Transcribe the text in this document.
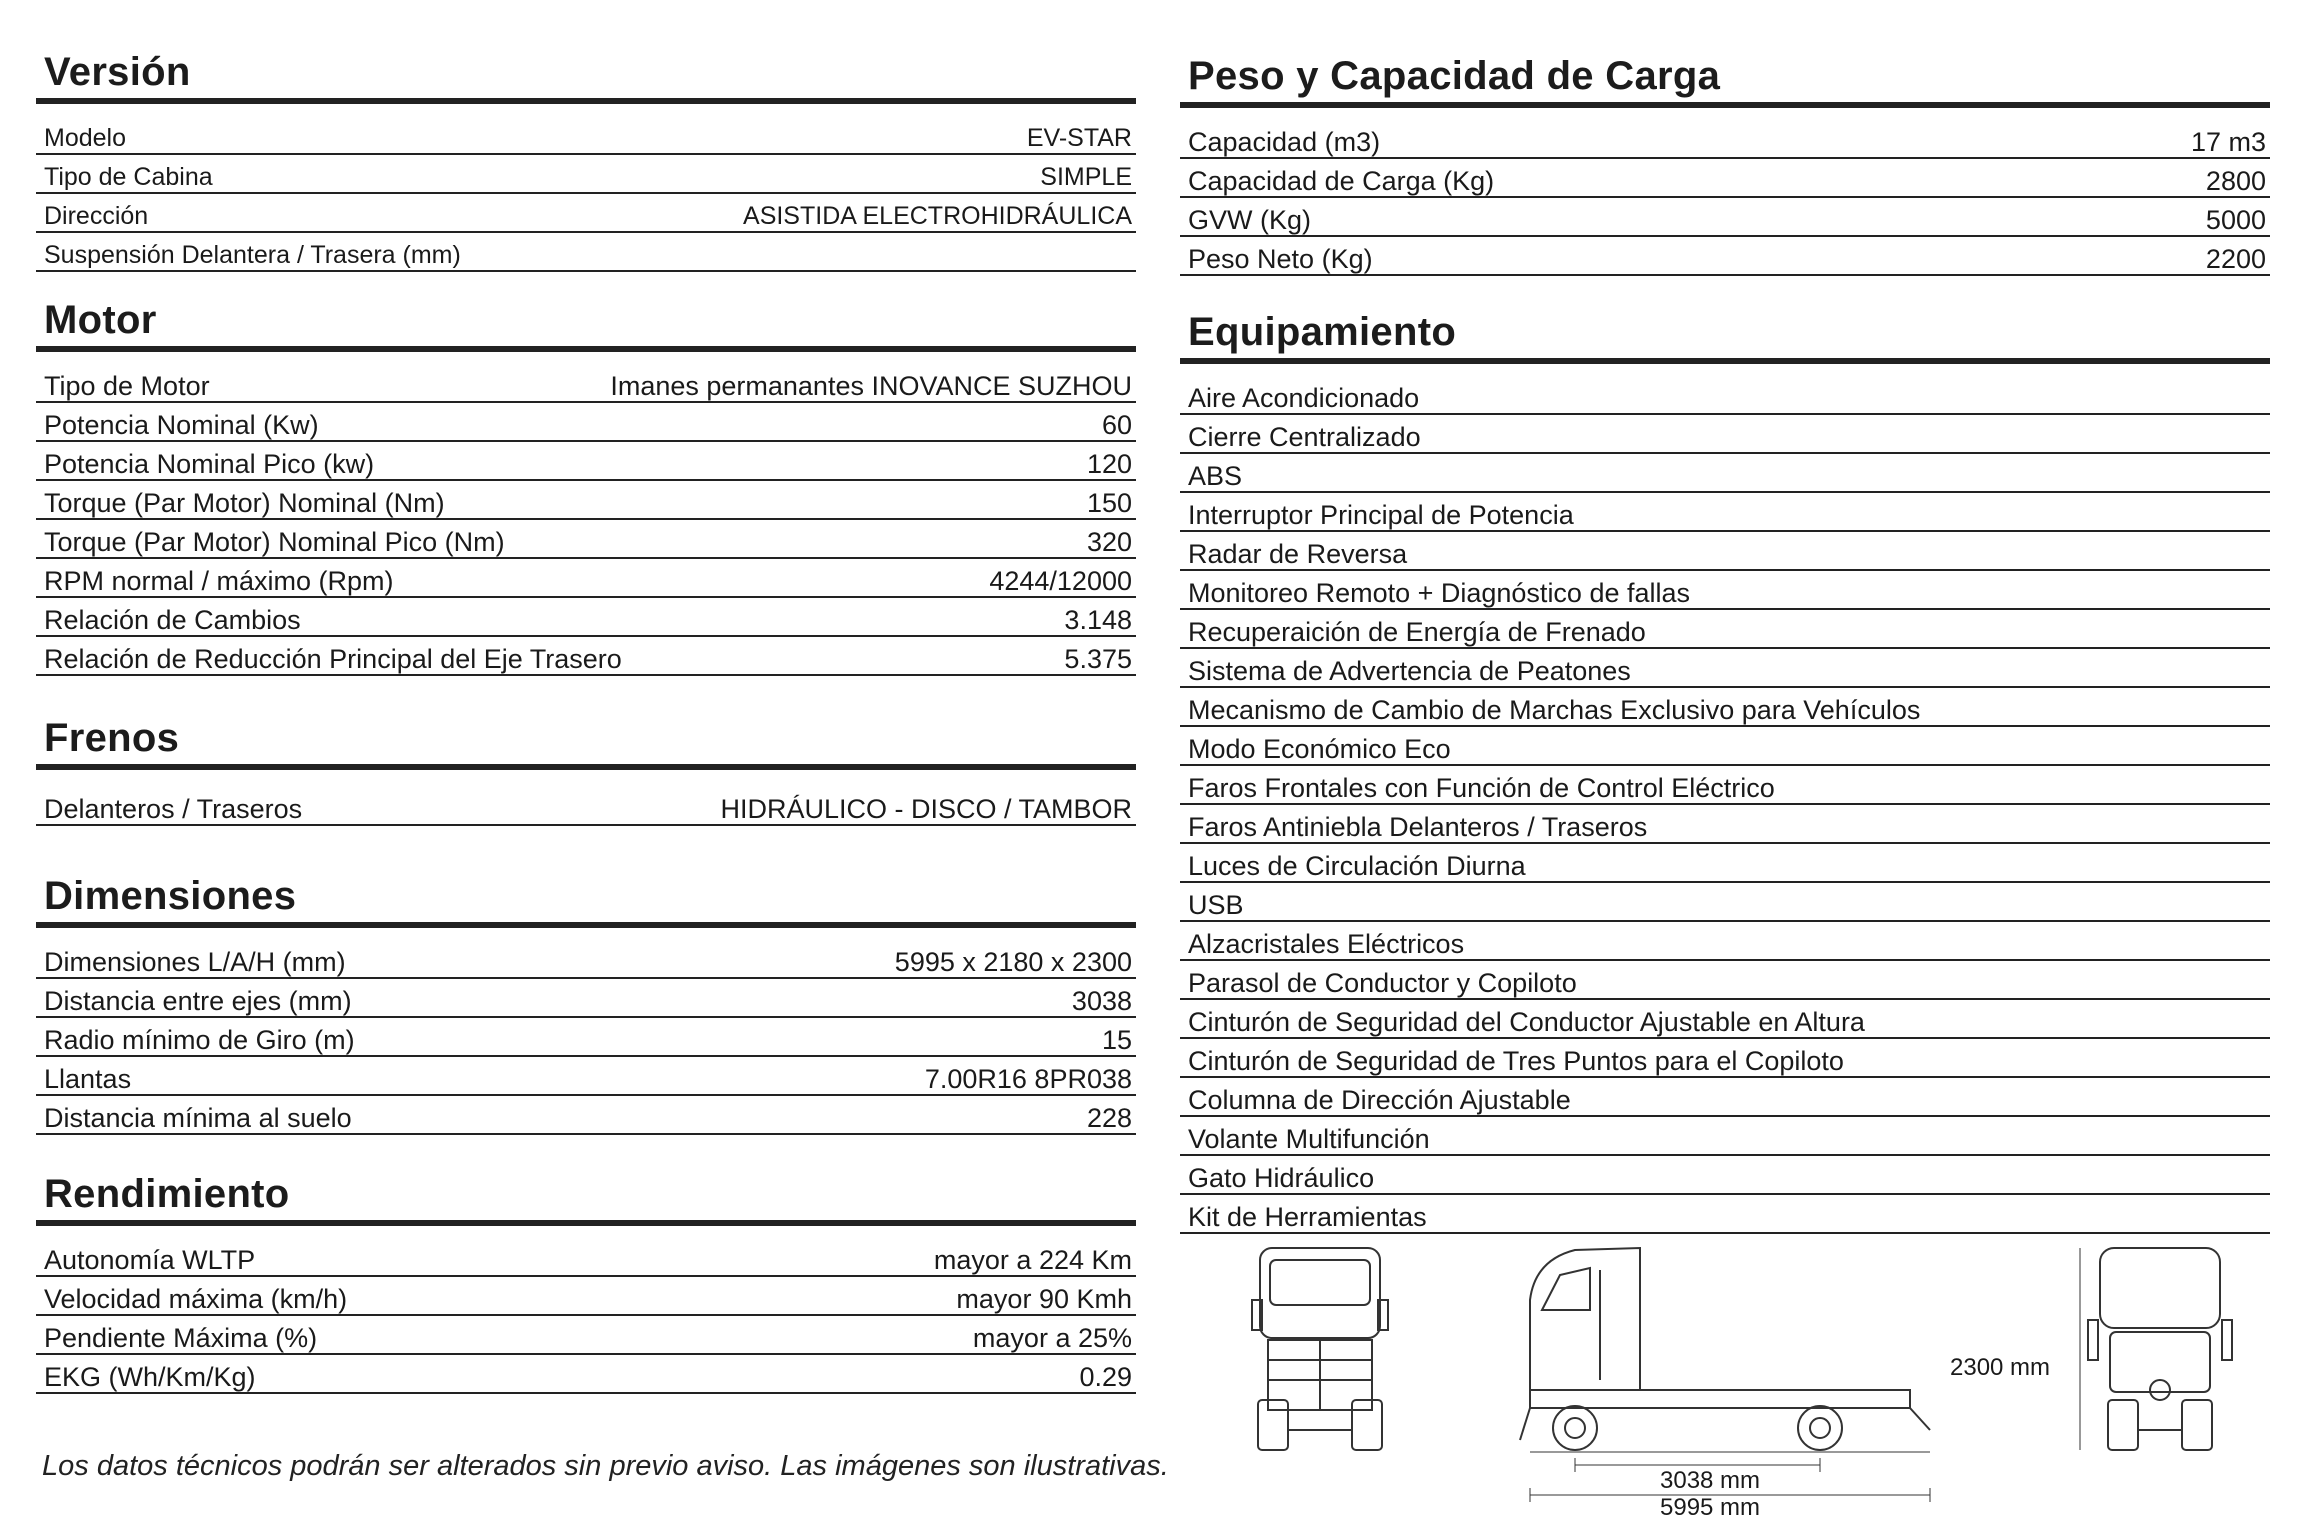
Versión
Modelo	EV-STAR
Tipo de Cabina	SIMPLE
Dirección	ASISTIDA ELECTROHIDRÁULICA
Suspensión Delantera / Trasera (mm)
Motor
Tipo de Motor	Imanes permanantes INOVANCE SUZHOU
Potencia Nominal (Kw)	60
Potencia Nominal Pico (kw)	120
Torque (Par Motor) Nominal (Nm)	150
Torque (Par Motor) Nominal Pico (Nm)	320
RPM normal / máximo (Rpm)	4244/12000
Relación de Cambios	3.148
Relación de Reducción Principal del Eje Trasero	5.375
Frenos
Delanteros / Traseros	HIDRÁULICO - DISCO / TAMBOR
Dimensiones
Dimensiones L/A/H (mm)	5995 x 2180 x 2300
Distancia entre ejes (mm)	3038
Radio mínimo de Giro (m)	15
Llantas	7.00R16 8PR038
Distancia mínima al suelo	228
Rendimiento
Autonomía WLTP	mayor a 224 Km
Velocidad máxima (km/h)	mayor 90 Kmh
Pendiente Máxima (%)	mayor a 25%
EKG (Wh/Km/Kg)	0.29
Peso y Capacidad de Carga
Capacidad (m3)	17 m3
Capacidad de Carga (Kg)	2800
GVW (Kg)	5000
Peso Neto (Kg)	2200
Equipamiento
Aire Acondicionado
Cierre Centralizado
ABS
Interruptor Principal de Potencia
Radar de Reversa
Monitoreo Remoto + Diagnóstico de fallas
Recuperaición de Energía de Frenado
Sistema de Advertencia de Peatones
Mecanismo de Cambio de Marchas Exclusivo para Vehículos
Modo Económico Eco
Faros Frontales con Función de Control Eléctrico
Faros Antiniebla Delanteros / Traseros
Luces de Circulación Diurna
USB
Alzacristales Eléctricos
Parasol de Conductor y Copiloto
Cinturón de Seguridad del Conductor Ajustable en Altura
Cinturón de Seguridad de Tres Puntos para el Copiloto
Columna de Dirección Ajustable
Volante Multifunción
Gato Hidráulico
Kit de Herramientas
3038 mm
5995 mm
2300 mm
Los datos técnicos podrán ser alterados sin previo aviso. Las imágenes son ilustrativas.
